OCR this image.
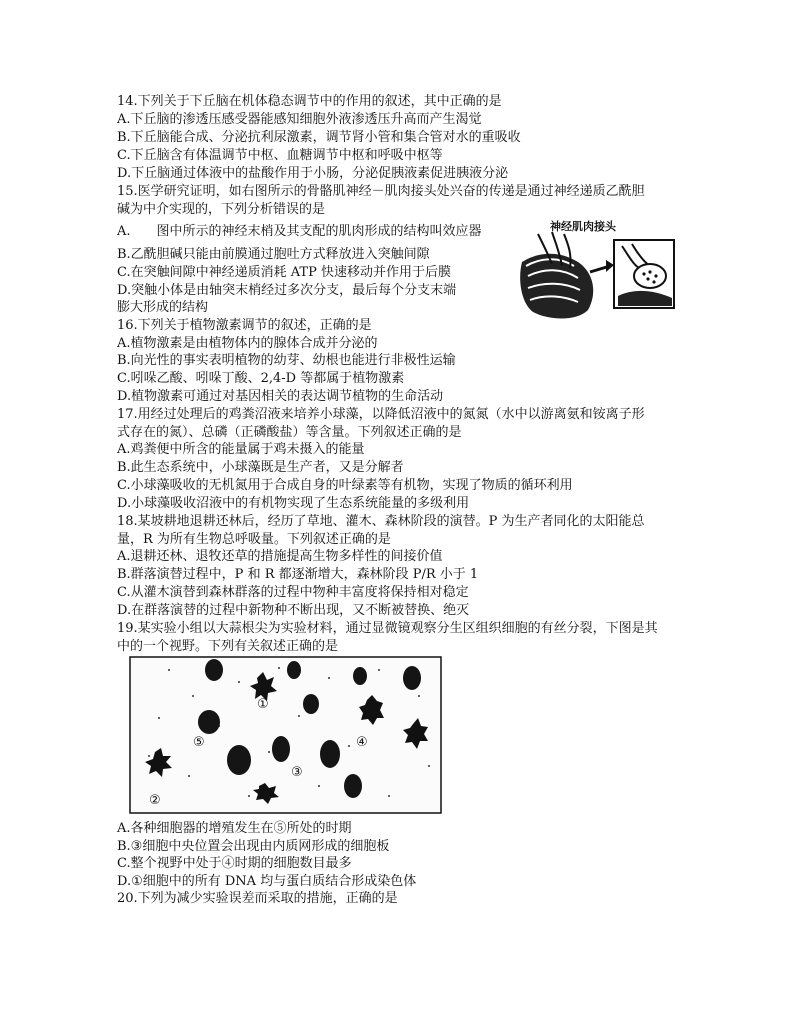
14.下列关于下丘脑在机体稳态调节中的作用的叙述，其中正确的是
A.下丘脑的渗透压感受器能感知细胞外液渗透压升高而产生渴觉
B.下丘脑能合成、分泌抗利尿激素，调节肾小管和集合管对水的重吸收
C.下丘脑含有体温调节中枢、血糖调节中枢和呼吸中枢等
D.下丘脑通过体液中的盐酸作用于小肠，分泌促胰液素促进胰液分泌
15.医学研究证明，如右图所示的骨骼肌神经－肌肉接头处兴奋的传递是通过神经递质乙酰胆
碱为中介实现的，下列分析错误的是
A.　　图中所示的神经末梢及其支配的肌肉形成的结构叫效应器
B.乙酰胆碱只能由前膜通过胞吐方式释放进入突触间隙
C.在突触间隙中神经递质消耗 ATP 快速移动并作用于后膜
D.突触小体是由轴突末梢经过多次分支，最后每个分支末端
膨大形成的结构
神经肌肉接头
16.下列关于植物激素调节的叙述，正确的是
A.植物激素是由植物体内的腺体合成并分泌的
B.向光性的事实表明植物的幼芽、幼根也能进行非极性运输
C.吲哚乙酸、吲哚丁酸、2,4-D 等都属于植物激素
D.植物激素可通过对基因相关的表达调节植物的生命活动
17.用经过处理后的鸡粪沼液来培养小球藻，以降低沼液中的氮氮（水中以游离氨和铵离子形
式存在的氮）、总磷（正磷酸盐）等含量。下列叙述正确的是
A.鸡粪便中所含的能量属于鸡未摄入的能量
B.此生态系统中，小球藻既是生产者，又是分解者
C.小球藻吸收的无机氮用于合成自身的叶绿素等有机物，实现了物质的循环利用
D.小球藻吸收沼液中的有机物实现了生态系统能量的多级利用
18.某坡耕地退耕还林后，经历了草地、灌木、森林阶段的演替。P 为生产者同化的太阳能总
量，R 为所有生物总呼吸量。下列叙述正确的是
A.退耕还林、退牧还草的措施提高生物多样性的间接价值
B.群落演替过程中，P 和 R 都逐渐增大，森林阶段 P/R 小于 1
C.从灌木演替到森林群落的过程中物种丰富度将保持相对稳定
D.在群落演替的过程中新物种不断出现，又不断被替换、绝灭
19.某实验小组以大蒜根尖为实验材料，通过显微镜观察分生区组织细胞的有丝分裂，下图是其
中的一个视野。下列有关叙述正确的是
①
②
③
④
⑤
A.各种细胞器的增殖发生在⑤所处的时期
B.③细胞中央位置会出现由内质网形成的细胞板
C.整个视野中处于④时期的细胞数目最多
D.①细胞中的所有 DNA 均与蛋白质结合形成染色体
20.下列为减少实验误差而采取的措施，正确的是
